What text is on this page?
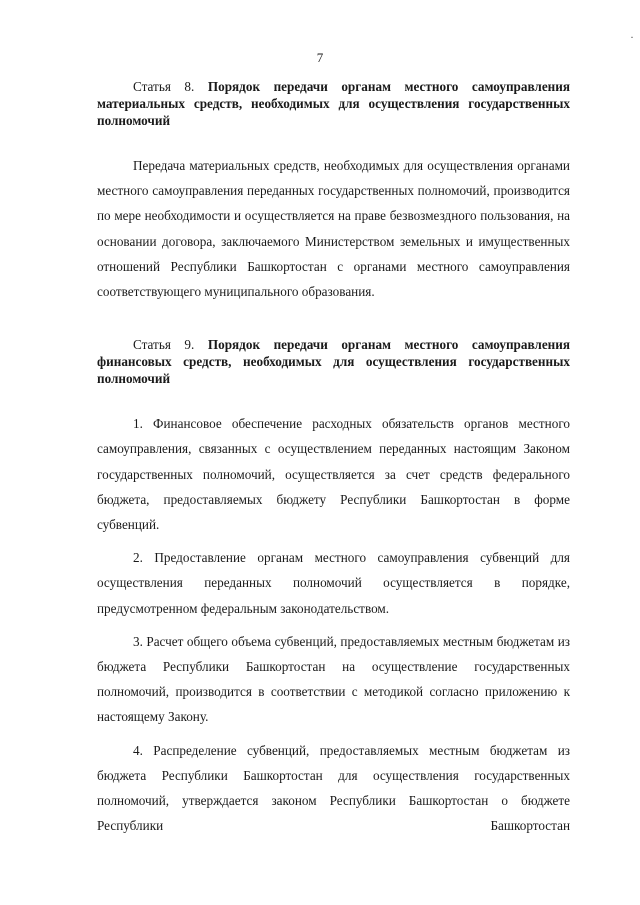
7
·

Статья 8. Порядок передачи органам местного самоуправления материальных средств, необходимых для осуществления государственных полномочий

Передача материальных средств, необходимых для осуществления органами местного самоуправления переданных государственных полномочий, производится по мере необходимости и осуществляется на праве безвозмездного пользования, на основании договора, заключаемого Министерством земельных и имущественных отношений Республики Башкортостан с органами местного самоуправления соответствующего муниципального образования.

Статья 9. Порядок передачи органам местного самоуправления финансовых средств, необходимых для осуществления государственных полномочий

1. Финансовое обеспечение расходных обязательств органов местного самоуправления, связанных с осуществлением переданных настоящим Законом государственных полномочий, осуществляется за счет средств федерального бюджета, предоставляемых бюджету Республики Башкортостан в форме субвенций.

2. Предоставление органам местного самоуправления субвенций для осуществления переданных полномочий осуществляется в порядке, предусмотренном федеральным законодательством.

3. Расчет общего объема субвенций, предоставляемых местным бюджетам из бюджета Республики Башкортостан на осуществление государственных полномочий, производится в соответствии с методикой согласно приложению к настоящему Закону.

4. Распределение субвенций, предоставляемых местным бюджетам из бюджета Республики Башкортостан для осуществления государственных полномочий, утверждается законом Республики Башкортостан о бюджете Республики Башкортостан
